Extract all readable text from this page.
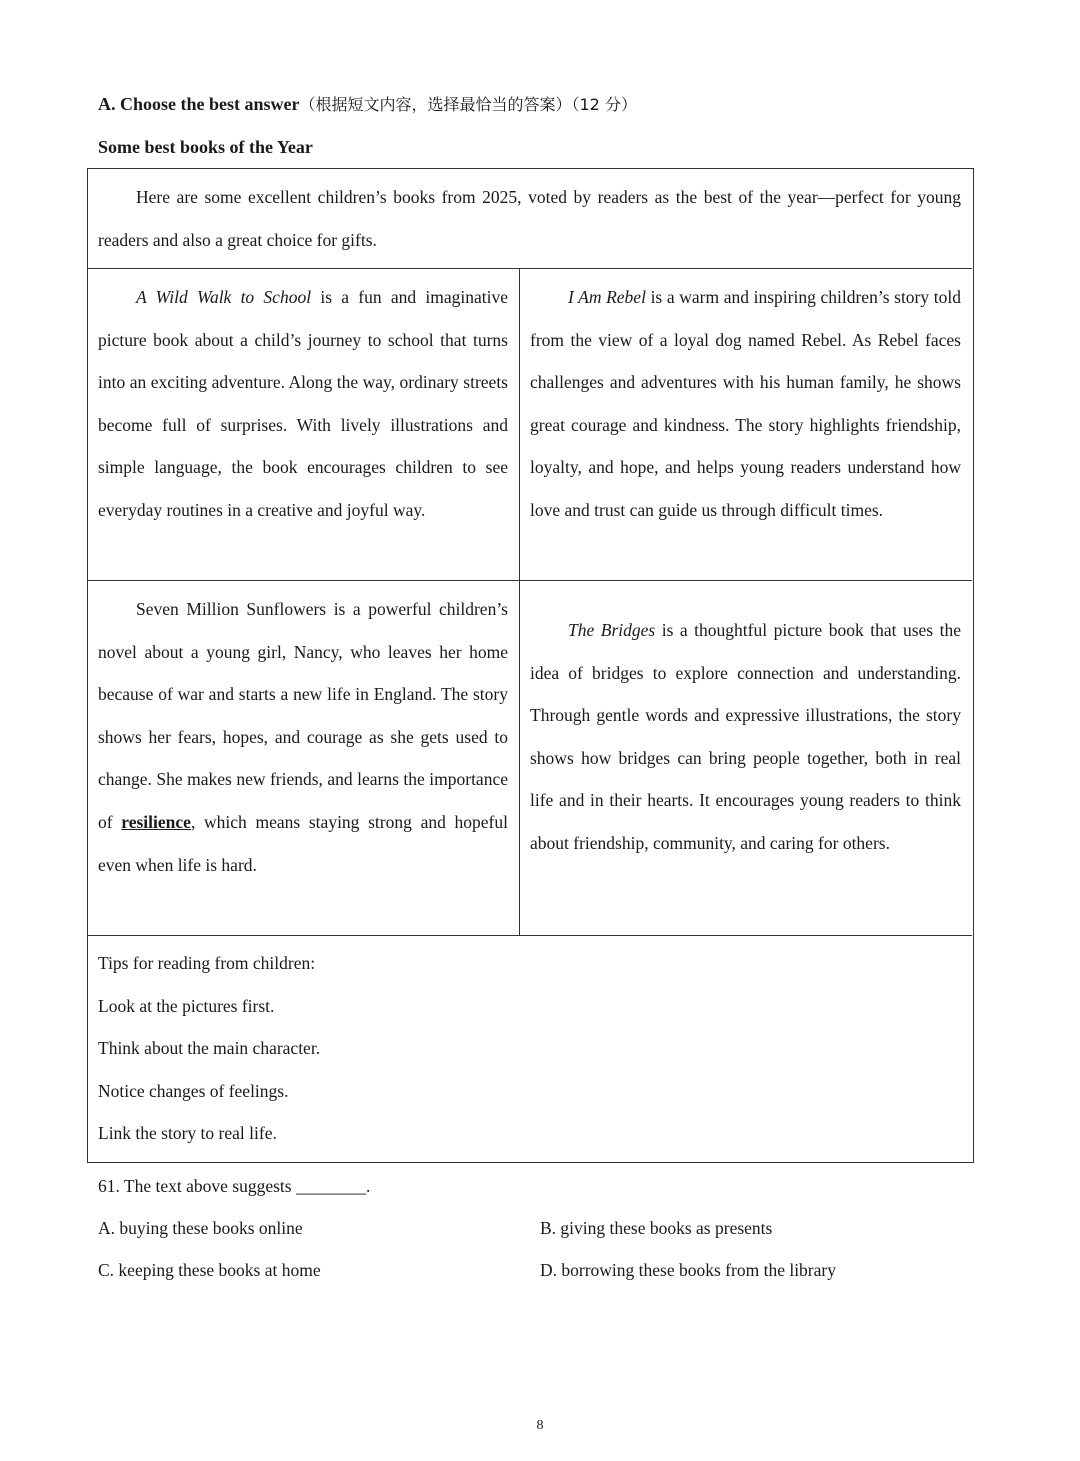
A. Choose the best answer（根据短文内容，选择最恰当的答案）（12 分）
Some best books of the Year
Here are some excellent children’s books from 2025, voted by readers as the best of the year—perfect for young readers and also a great choice for gifts.
A Wild Walk to School is a fun and imaginative picture book about a child’s journey to school that turns into an exciting adventure. Along the way, ordinary streets become full of surprises. With lively illustrations and simple language, the book encourages children to see everyday routines in a creative and joyful way.
I Am Rebel is a warm and inspiring children’s story told from the view of a loyal dog named Rebel. As Rebel faces challenges and adventures with his human family, he shows great courage and kindness. The story highlights friendship, loyalty, and hope, and helps young readers understand how love and trust can guide us through difficult times.
Seven Million Sunflowers is a powerful children’s novel about a young girl, Nancy, who leaves her home because of war and starts a new life in England. The story shows her fears, hopes, and courage as she gets used to change. She makes new friends, and learns the importance of resilience, which means staying strong and hopeful even when life is hard.
The Bridges is a thoughtful picture book that uses the idea of bridges to explore connection and understanding. Through gentle words and expressive illustrations, the story shows how bridges can bring people together, both in real life and in their hearts. It encourages young readers to think about friendship, community, and caring for others.
Tips for reading from children:
Look at the pictures first.
Think about the main character.
Notice changes of feelings.
Link the story to real life.
61. The text above suggests ________.
A. buying these books online	B. giving these books as presents
C. keeping these books at home	D. borrowing these books from the library
8
